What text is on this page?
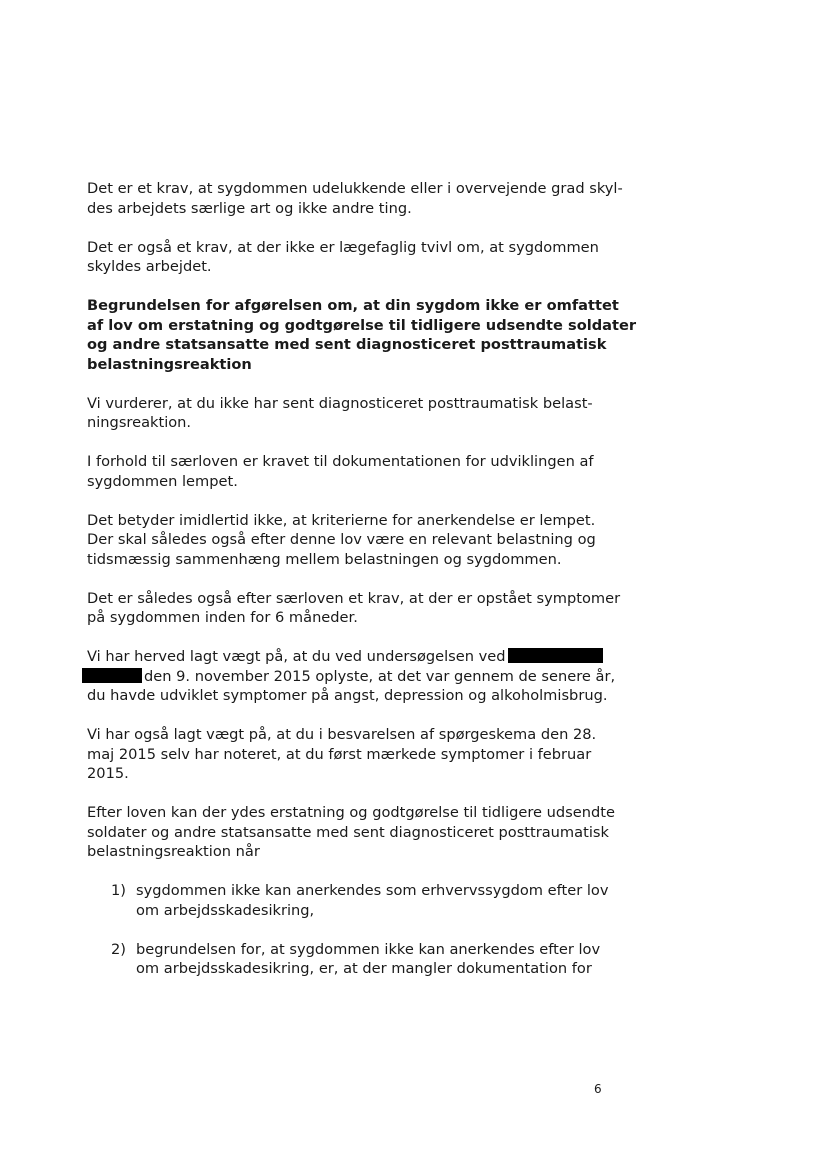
Det er et krav, at sygdommen udelukkende eller i overvejende grad skyl-
des arbejdets særlige art og ikke andre ting.
Det er også et krav, at der ikke er lægefaglig tvivl om, at sygdommen
skyldes arbejdet.
Begrundelsen for afgørelsen om, at din sygdom ikke er omfattet
af lov om erstatning og godtgørelse til tidligere udsendte soldater
og andre statsansatte med sent diagnosticeret posttraumatisk
belastningsreaktion
Vi vurderer, at du ikke har sent diagnosticeret posttraumatisk belast-
ningsreaktion.
I forhold til særloven er kravet til dokumentationen for udviklingen af
sygdommen lempet.
Det betyder imidlertid ikke, at kriterierne for anerkendelse er lempet.
Der skal således også efter denne lov være en relevant belastning og
tidsmæssig sammenhæng mellem belastningen og sygdommen.
Det er således også efter særloven et krav, at der er opstået symptomer
på sygdommen inden for 6 måneder.
Vi har herved lagt vægt på, at du ved undersøgelsen ved
den 9. november 2015 oplyste, at det var gennem de senere år,
du havde udviklet symptomer på angst, depression og alkoholmisbrug.
Vi har også lagt vægt på, at du i besvarelsen af spørgeskema den 28.
maj 2015 selv har noteret, at du først mærkede symptomer i februar
2015.
Efter loven kan der ydes erstatning og godtgørelse til tidligere udsendte
soldater og andre statsansatte med sent diagnosticeret posttraumatisk
belastningsreaktion når
1) sygdommen ikke kan anerkendes som erhvervssygdom efter lov
om arbejdsskadesikring,
2) begrundelsen for, at sygdommen ikke kan anerkendes efter lov
om arbejdsskadesikring, er, at der mangler dokumentation for
6
